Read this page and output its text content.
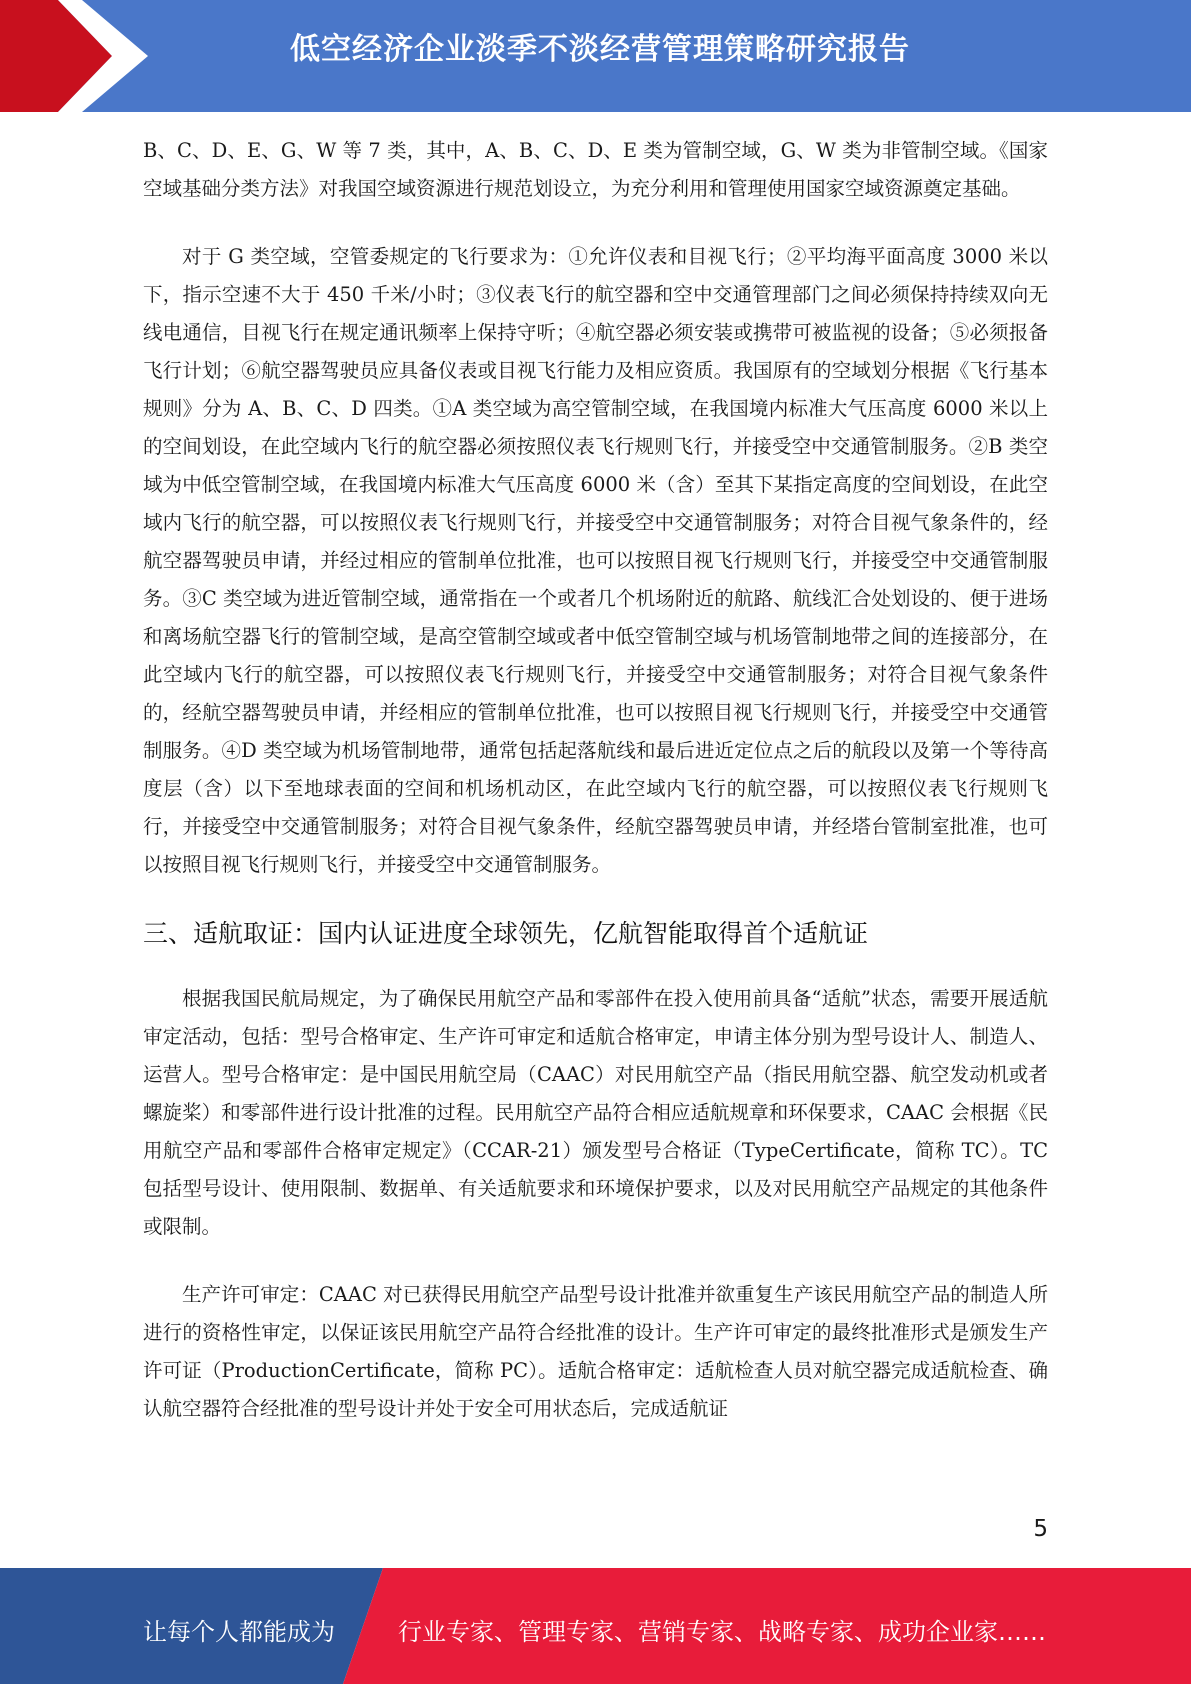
低空经济企业淡季不淡经营管理策略研究报告

B、C、D、E、G、W 等 7 类，其中，A、B、C、D、E 类为管制空域，G、W 类为非管制空域。《国家空域基础分类方法》对我国空域资源进行规范划设立，为充分利用和管理使用国家空域资源奠定基础。

对于 G 类空域，空管委规定的飞行要求为：①允许仪表和目视飞行；②平均海平面高度 3000 米以下，指示空速不大于 450 千米/小时；③仪表飞行的航空器和空中交通管理部门之间必须保持持续双向无线电通信，目视飞行在规定通讯频率上保持守听；④航空器必须安装或携带可被监视的设备；⑤必须报备飞行计划；⑥航空器驾驶员应具备仪表或目视飞行能力及相应资质。我国原有的空域划分根据《飞行基本规则》分为 A、B、C、D 四类。①A 类空域为高空管制空域，在我国境内标准大气压高度 6000 米以上的空间划设，在此空域内飞行的航空器必须按照仪表飞行规则飞行，并接受空中交通管制服务。②B 类空域为中低空管制空域，在我国境内标准大气压高度 6000 米（含）至其下某指定高度的空间划设，在此空域内飞行的航空器，可以按照仪表飞行规则飞行，并接受空中交通管制服务；对符合目视气象条件的，经航空器驾驶员申请，并经过相应的管制单位批准，也可以按照目视飞行规则飞行，并接受空中交通管制服务。③C 类空域为进近管制空域，通常指在一个或者几个机场附近的航路、航线汇合处划设的、便于进场和离场航空器飞行的管制空域，是高空管制空域或者中低空管制空域与机场管制地带之间的连接部分，在此空域内飞行的航空器，可以按照仪表飞行规则飞行，并接受空中交通管制服务；对符合目视气象条件的，经航空器驾驶员申请，并经相应的管制单位批准，也可以按照目视飞行规则飞行，并接受空中交通管制服务。④D 类空域为机场管制地带，通常包括起落航线和最后进近定位点之后的航段以及第一个等待高度层（含）以下至地球表面的空间和机场机动区，在此空域内飞行的航空器，可以按照仪表飞行规则飞行，并接受空中交通管制服务；对符合目视气象条件，经航空器驾驶员申请，并经塔台管制室批准，也可以按照目视飞行规则飞行，并接受空中交通管制服务。

三、适航取证：国内认证进度全球领先，亿航智能取得首个适航证

根据我国民航局规定，为了确保民用航空产品和零部件在投入使用前具备“适航”状态，需要开展适航审定活动，包括：型号合格审定、生产许可审定和适航合格审定，申请主体分别为型号设计人、制造人、运营人。型号合格审定：是中国民用航空局（CAAC）对民用航空产品（指民用航空器、航空发动机或者螺旋桨）和零部件进行设计批准的过程。民用航空产品符合相应适航规章和环保要求，CAAC 会根据《民用航空产品和零部件合格审定规定》（CCAR-21）颁发型号合格证（TypeCertificate，简称 TC）。TC 包括型号设计、使用限制、数据单、有关适航要求和环境保护要求，以及对民用航空产品规定的其他条件或限制。

生产许可审定：CAAC 对已获得民用航空产品型号设计批准并欲重复生产该民用航空产品的制造人所进行的资格性审定，以保证该民用航空产品符合经批准的设计。生产许可审定的最终批准形式是颁发生产许可证（ProductionCertificate，简称 PC）。适航合格审定：适航检查人员对航空器完成适航检查、确认航空器符合经批准的型号设计并处于安全可用状态后，完成适航证

5
让每个人都能成为	行业专家、管理专家、营销专家、战略专家、成功企业家……
